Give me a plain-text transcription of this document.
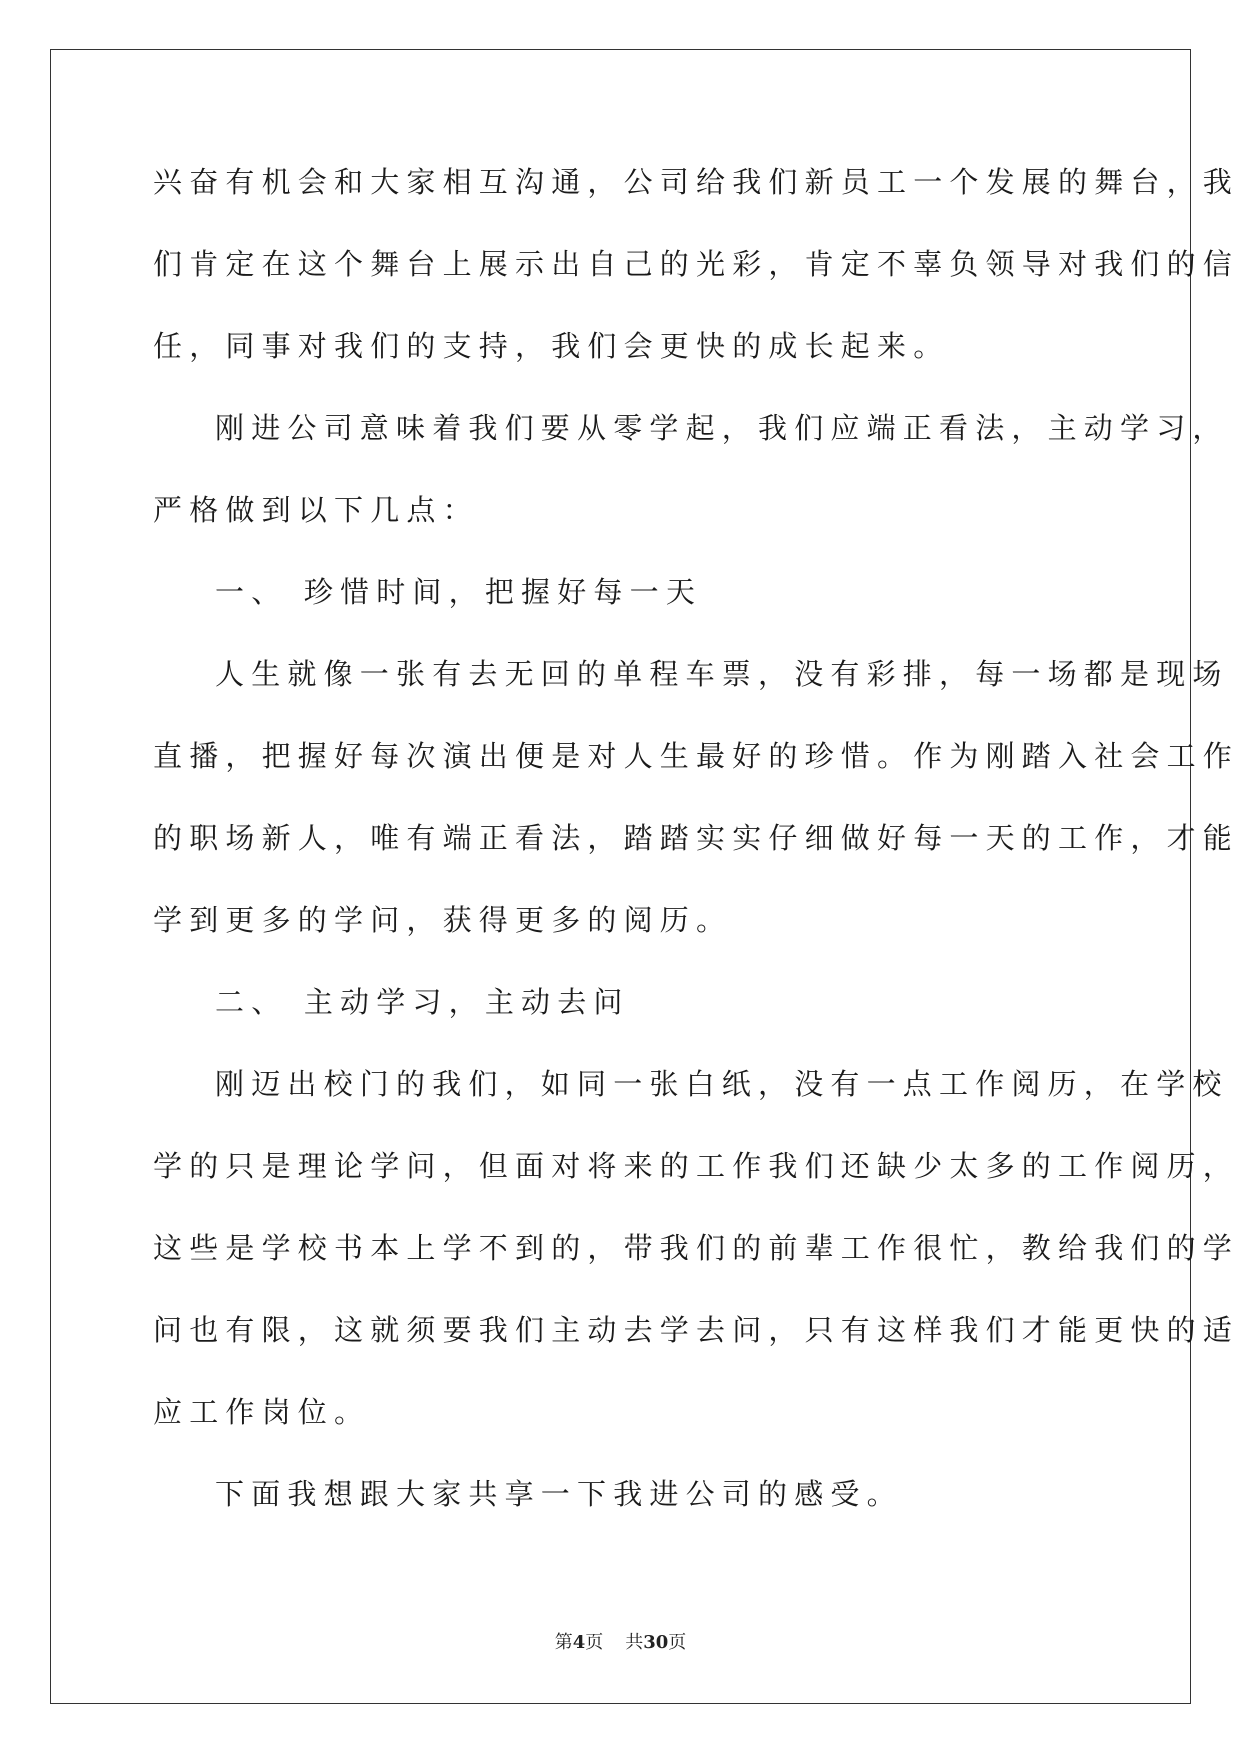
兴奋有机会和大家相互沟通，公司给我们新员工一个发展的舞台，我

们肯定在这个舞台上展示出自己的光彩，肯定不辜负领导对我们的信

任，同事对我们的支持，我们会更快的成长起来。

刚进公司意味着我们要从零学起，我们应端正看法，主动学习，

严格做到以下几点：

一、 珍惜时间，把握好每一天

人生就像一张有去无回的单程车票，没有彩排，每一场都是现场

直播，把握好每次演出便是对人生最好的珍惜。作为刚踏入社会工作

的职场新人，唯有端正看法，踏踏实实仔细做好每一天的工作，才能

学到更多的学问，获得更多的阅历。

二、 主动学习，主动去问

刚迈出校门的我们，如同一张白纸，没有一点工作阅历，在学校

学的只是理论学问，但面对将来的工作我们还缺少太多的工作阅历，

这些是学校书本上学不到的，带我们的前辈工作很忙，教给我们的学

问也有限，这就须要我们主动去学去问，只有这样我们才能更快的适

应工作岗位。

下面我想跟大家共享一下我进公司的感受。

第4页 共30页
